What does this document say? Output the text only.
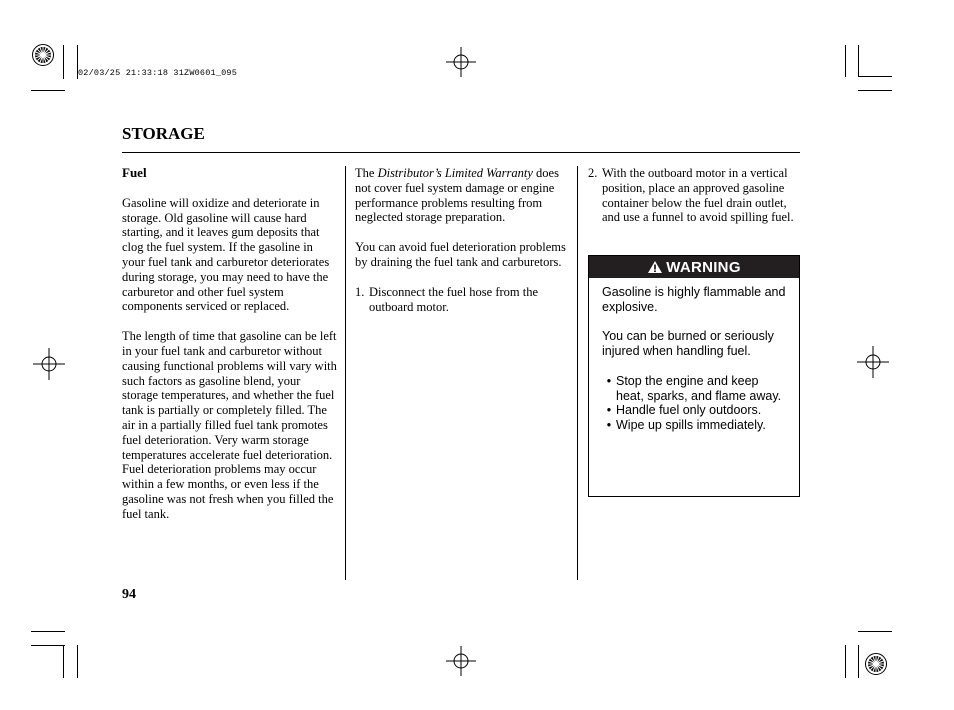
02/03/25 21:33:18 31ZW0601_095
STORAGE
Fuel

Gasoline will oxidize and deteriorate in storage. Old gasoline will cause hard starting, and it leaves gum deposits that clog the fuel system. If the gasoline in your fuel tank and carburetor deteriorates during storage, you may need to have the carburetor and other fuel system components serviced or replaced.

The length of time that gasoline can be left in your fuel tank and carburetor without causing functional problems will vary with such factors as gasoline blend, your storage temperatures, and whether the fuel tank is partially or completely filled. The air in a partially filled fuel tank promotes fuel deterioration. Very warm storage temperatures accelerate fuel deterioration. Fuel deterioration problems may occur within a few months, or even less if the gasoline was not fresh when you filled the fuel tank.

The Distributor’s Limited Warranty does not cover fuel system damage or engine performance problems resulting from neglected storage preparation.

You can avoid fuel deterioration problems by draining the fuel tank and carburetors.

1. Disconnect the fuel hose from the outboard motor.
2. With the outboard motor in a vertical position, place an approved gasoline container below the fuel drain outlet, and use a funnel to avoid spilling fuel.
WARNING

Gasoline is highly flammable and explosive.

You can be burned or seriously injured when handling fuel.

• Stop the engine and keep heat, sparks, and flame away.
• Handle fuel only outdoors.
• Wipe up spills immediately.
94
